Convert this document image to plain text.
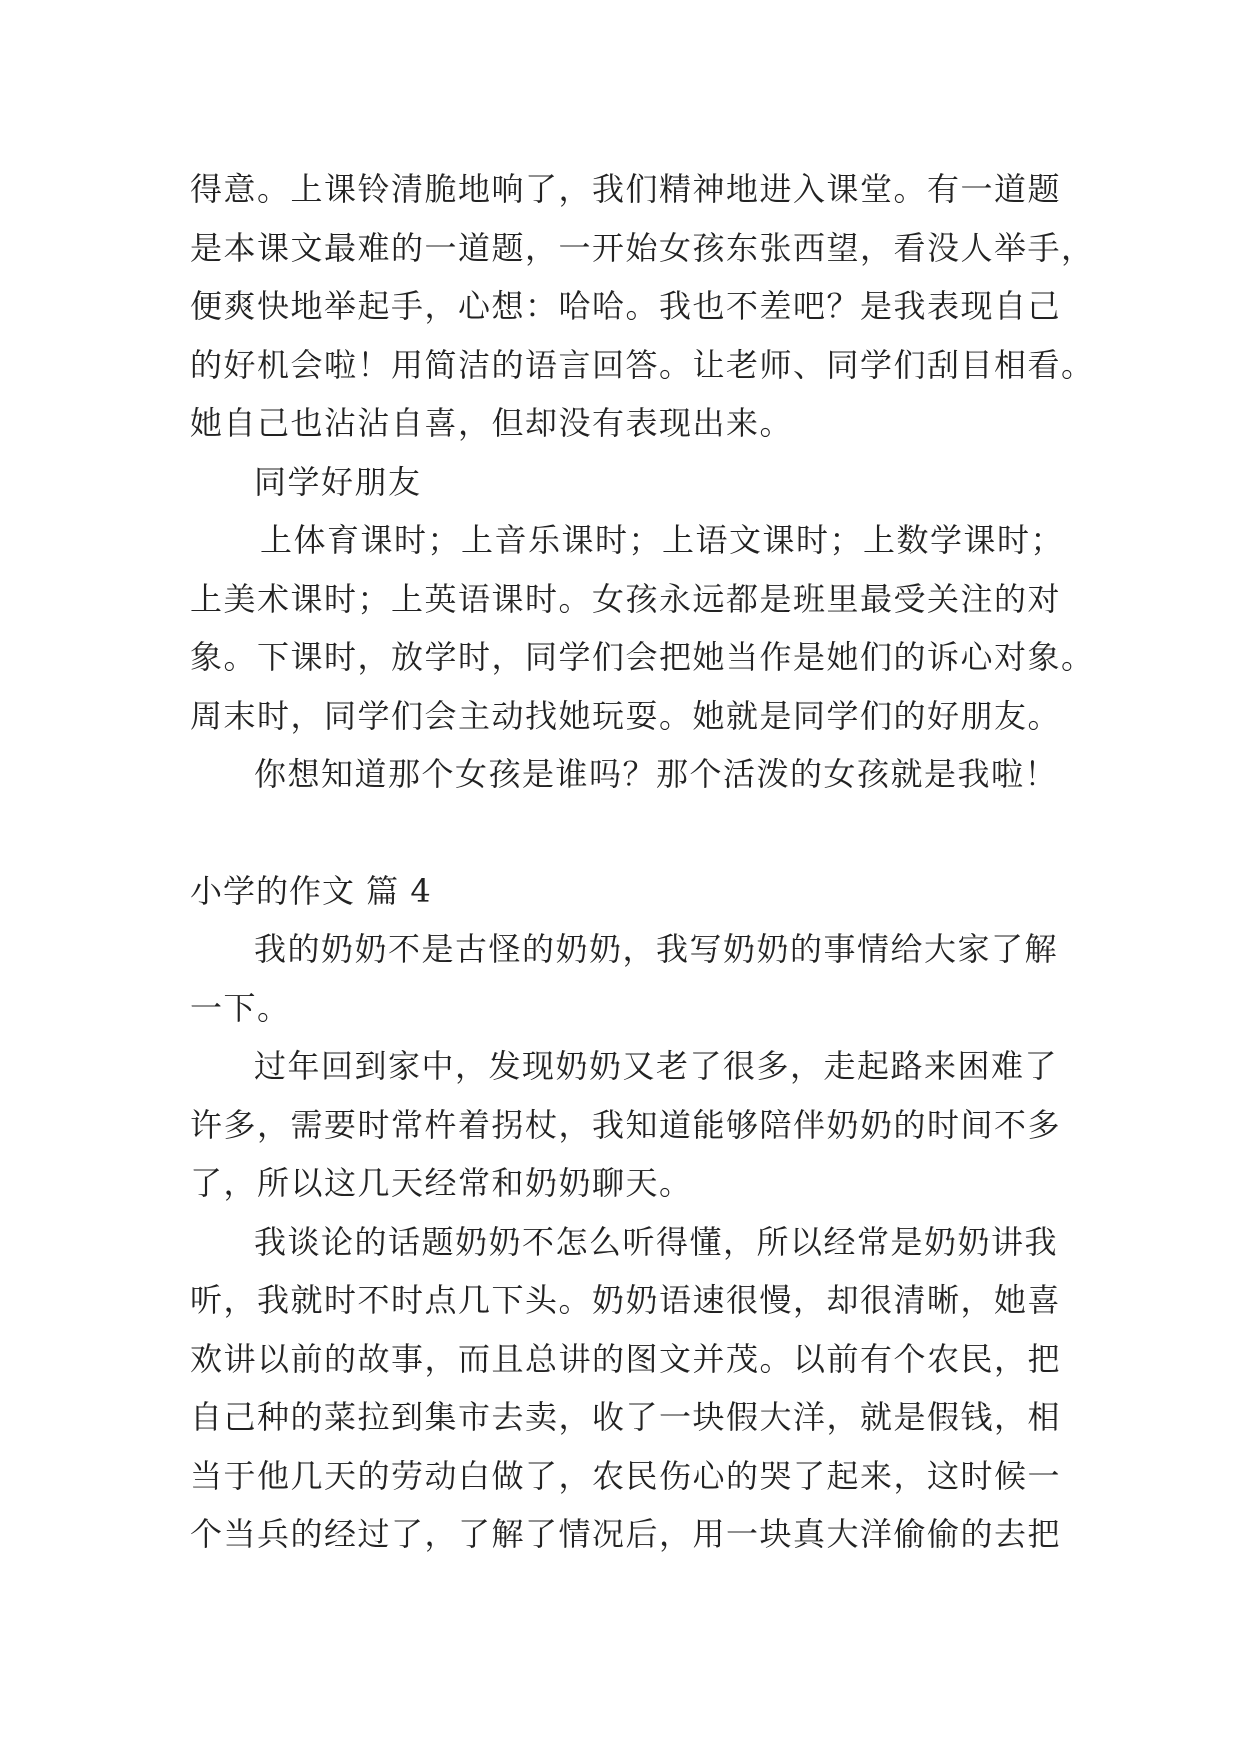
得意。上课铃清脆地响了，我们精神地进入课堂。有一道题
是本课文最难的一道题，一开始女孩东张西望，看没人举手，
便爽快地举起手，心想：哈哈。我也不差吧？是我表现自己
的好机会啦！用简洁的语言回答。让老师、同学们刮目相看。
她自己也沾沾自喜，但却没有表现出来。
同学好朋友
上体育课时；上音乐课时；上语文课时；上数学课时；
上美术课时；上英语课时。女孩永远都是班里最受关注的对
象。下课时，放学时，同学们会把她当作是她们的诉心对象。
周末时，同学们会主动找她玩耍。她就是同学们的好朋友。
你想知道那个女孩是谁吗？那个活泼的女孩就是我啦！
小学的作文 篇 4
我的奶奶不是古怪的奶奶，我写奶奶的事情给大家了解
一下。
过年回到家中，发现奶奶又老了很多，走起路来困难了
许多，需要时常杵着拐杖，我知道能够陪伴奶奶的时间不多
了，所以这几天经常和奶奶聊天。
我谈论的话题奶奶不怎么听得懂，所以经常是奶奶讲我
听，我就时不时点几下头。奶奶语速很慢，却很清晰，她喜
欢讲以前的故事，而且总讲的图文并茂。以前有个农民，把
自己种的菜拉到集市去卖，收了一块假大洋，就是假钱，相
当于他几天的劳动白做了，农民伤心的哭了起来，这时候一
个当兵的经过了，了解了情况后，用一块真大洋偷偷的去把
